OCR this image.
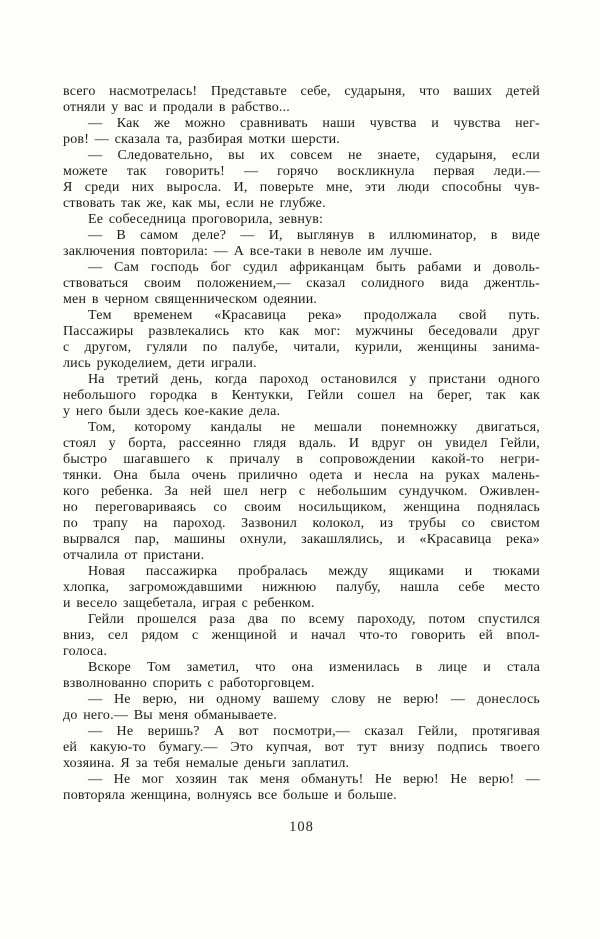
всего насмотрелась! Представьте себе, сударыня, что ваших детей
отняли у вас и продали в рабство...
— Как же можно сравнивать наши чувства и чувства нег-
ров! — сказала та, разбирая мотки шерсти.
— Следовательно, вы их совсем не знаете, сударыня, если
можете так говорить! — горячо воскликнула первая леди.—
Я среди них выросла. И, поверьте мне, эти люди способны чув-
ствовать так же, как мы, если не глубже.
Ее собеседница проговорила, зевнув:
— В самом деле? — И, выглянув в иллюминатор, в виде
заключения повторила: — А все-таки в неволе им лучше.
— Сам господь бог судил африканцам быть рабами и доволь-
ствоваться своим положением,— сказал солидного вида джентль-
мен в черном священническом одеянии.
Тем временем «Красавица река» продолжала свой путь.
Пассажиры развлекались кто как мог: мужчины беседовали друг
с другом, гуляли по палубе, читали, курили, женщины занима-
лись рукоделием, дети играли.
На третий день, когда пароход остановился у пристани одного
небольшого городка в Кентукки, Гейли сошел на берег, так как
у него были здесь кое-какие дела.
Том, которому кандалы не мешали понемножку двигаться,
стоял у борта, рассеянно глядя вдаль. И вдруг он увидел Гейли,
быстро шагавшего к причалу в сопровождении какой-то негри-
тянки. Она была очень прилично одета и несла на руках малень-
кого ребенка. За ней шел негр с небольшим сундучком. Оживлен-
но переговариваясь со своим носильщиком, женщина поднялась
по трапу на пароход. Зазвонил колокол, из трубы со свистом
вырвался пар, машины охнули, закашлялись, и «Красавица река»
отчалила от пристани.
Новая пассажирка пробралась между ящиками и тюками
хлопка, загромождавшими нижнюю палубу, нашла себе место
и весело защебетала, играя с ребенком.
Гейли прошелся раза два по всему пароходу, потом спустился
вниз, сел рядом с женщиной и начал что-то говорить ей впол-
голоса.
Вскоре Том заметил, что она изменилась в лице и стала
взволнованно спорить с работорговцем.
— Не верю, ни одному вашему слову не верю! — донеслось
до него.— Вы меня обманываете.
— Не веришь? А вот посмотри,— сказал Гейли, протягивая
ей какую-то бумагу.— Это купчая, вот тут внизу подпись твоего
хозяина. Я за тебя немалые деньги заплатил.
— Не мог хозяин так меня обмануть! Не верю! Не верю! —
повторяла женщина, волнуясь все больше и больше.
108
